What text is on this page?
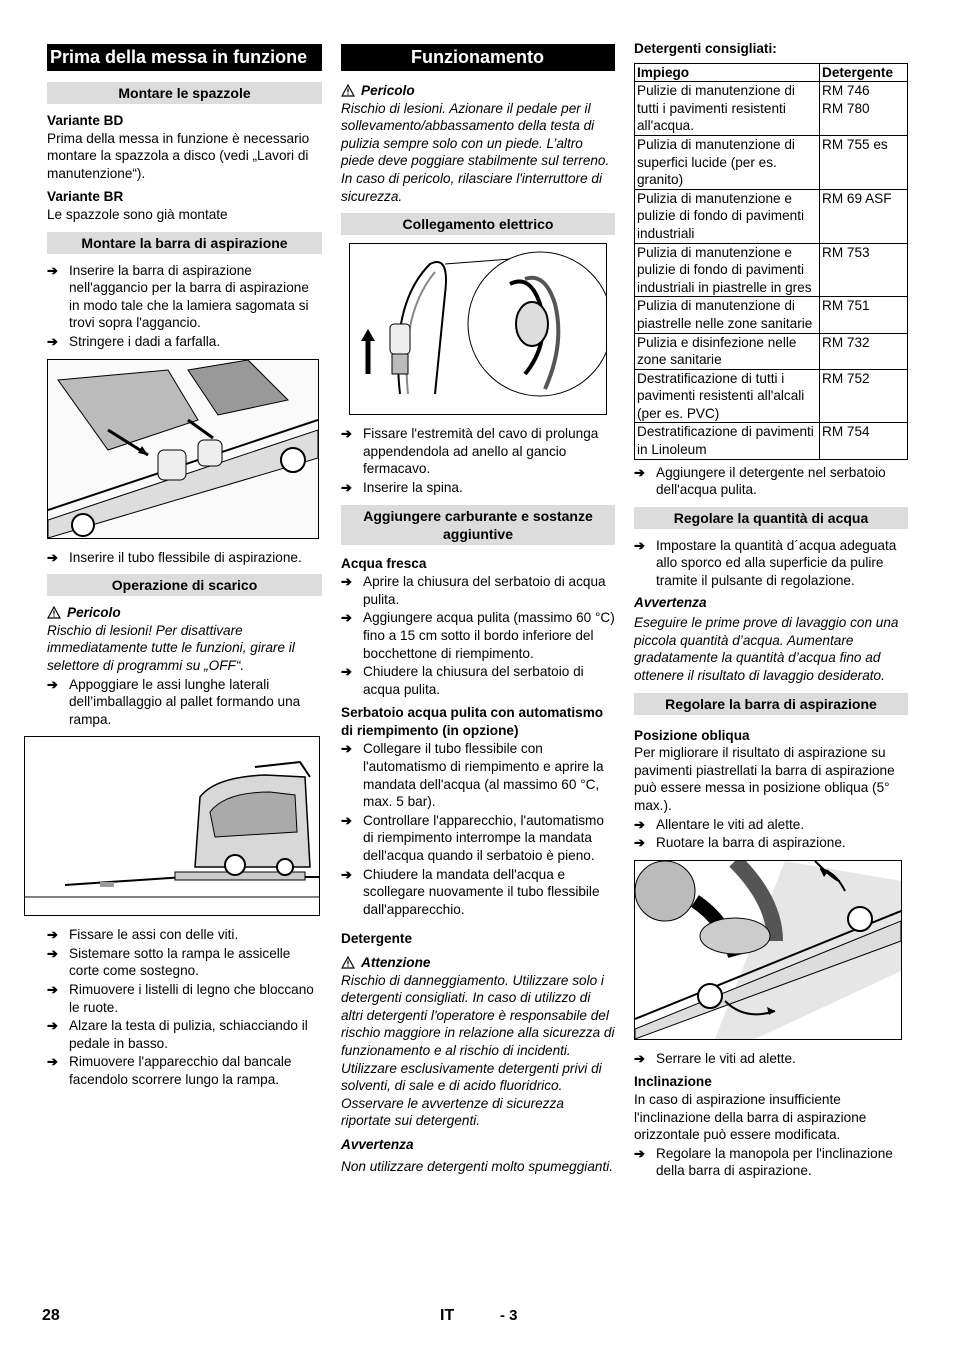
Prima della messa in funzione
Montare le spazzole

Variante BD

Prima della messa in funzione è necessario montare la spazzola a disco (vedi „Lavori di manutenzione“).

Variante BR

Le spazzole sono già montate

Montare la barra di aspirazione
➔ Inserire la barra di aspirazione nell'aggancio per la barra di aspirazione in modo tale che la lamiera sagomata si trovi sopra l'aggancio.
➔ Stringere i dadi a farfalla.
➔ Inserire il tubo flessibile di aspirazione.
Operazione di scarico
Pericolo

Rischio di lesioni! Per disattivare immediatamente tutte le funzioni, girare il selettore di programmi su „OFF“.

➔ Appoggiare le assi lunghe laterali dell’imballaggio al pallet formando una rampa.
➔ Fissare le assi con delle viti.
➔ Sistemare sotto la rampa le assicelle corte come sostegno.
➔ Rimuovere i listelli di legno che bloccano le ruote.
➔ Alzare la testa di pulizia, schiacciando il pedale in basso.
➔ Rimuovere l'apparecchio dal bancale facendolo scorrere lungo la rampa.
Funzionamento
Pericolo

Rischio di lesioni. Azionare il pedale per il sollevamento/abbassamento della testa di pulizia sempre solo con un piede. L’altro piede deve poggiare stabilmente sul terreno.

In caso di pericolo, rilasciare l'interruttore di sicurezza.

Collegamento elettrico
➔ Fissare l'estremità del cavo di prolunga appendendola ad anello al gancio fermacavo.
➔ Inserire la spina.
Aggiungere carburante e sostanze aggiuntive

Acqua fresca

➔ Aprire la chiusura del serbatoio di acqua pulita.
➔ Aggiungere acqua pulita (massimo 60 °C) fino a 15 cm sotto il bordo inferiore del bocchettone di riempimento.
➔ Chiudere la chiusura del serbatoio di acqua pulita.

Serbatoio acqua pulita con automatismo di riempimento (in opzione)

➔ Collegare il tubo flessibile con l'automatismo di riempimento e aprire la mandata dell'acqua (al massimo 60 °C, max. 5 bar).
➔ Controllare l'apparecchio, l'automatismo di riempimento interrompe la mandata dell'acqua quando il serbatoio è pieno.
➔ Chiudere la mandata dell'acqua e scollegare nuovamente il tubo flessibile dall'apparecchio.

Detergente

Attenzione

Rischio di danneggiamento. Utilizzare solo i detergenti consigliati. In caso di utilizzo di altri detergenti l'operatore è responsabile del rischio maggiore in relazione alla sicurezza di funzionamento e al rischio di incidenti.

Utilizzare esclusivamente detergenti privi di solventi, di sale e di acido fluoridrico.

Osservare le avvertenze di sicurezza riportate sui detergenti.

Avvertenza

Non utilizzare detergenti molto spumeggianti.

Detergenti consigliati:

Impiego	Detergente
Pulizie di manutenzione di tutti i pavimenti resistenti all'acqua.	RM 746
RM 780
Pulizia di manutenzione di superfici lucide (per es. granito)	RM 755 es
Pulizia di manutenzione e pulizie di fondo di pavimenti industriali	RM 69 ASF
Pulizia di manutenzione e pulizie di fondo di pavimenti industriali in piastrelle in gres	RM 753
Pulizia di manutenzione di piastrelle nelle zone sanitarie	RM 751
Pulizia e disinfezione nelle zone sanitarie	RM 732
Destratificazione di tutti i pavimenti resistenti all'alcali (per es. PVC)	RM 752
Destratificazione di pavimenti in Linoleum	RM 754
➔ Aggiungere il detergente nel serbatoio dell'acqua pulita.
Regolare la quantità di acqua
➔ Impostare la quantità d´acqua adeguata allo sporco ed alla superficie da pulire tramite il pulsante di regolazione.

Avvertenza

Eseguire le prime prove di lavaggio con una piccola quantità d’acqua. Aumentare gradatamente la quantità d’acqua fino ad ottenere il risultato di lavaggio desiderato.

Regolare la barra di aspirazione

Posizione obliqua

Per migliorare il risultato di aspirazione su pavimenti piastrellati la barra di aspirazione può essere messa in posizione obliqua (5° max.).

➔ Allentare le viti ad alette.
➔ Ruotare la barra di aspirazione.
➔ Serrare le viti ad alette.

Inclinazione

In caso di aspirazione insufficiente l'inclinazione della barra di aspirazione orizzontale può essere modificata.

➔ Regolare la manopola per l'inclinazione della barra di aspirazione.
28	IT	- 3
